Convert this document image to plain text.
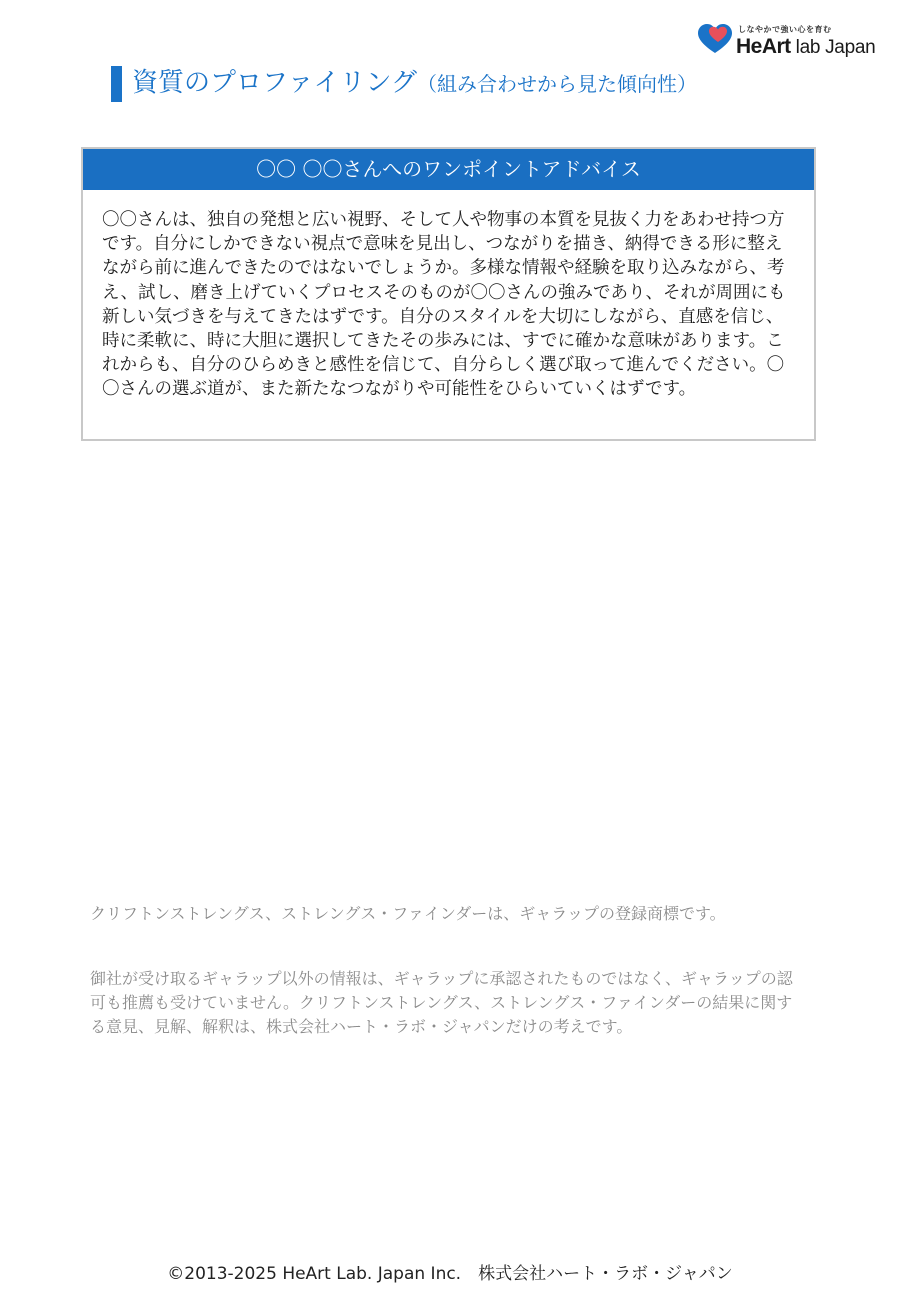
しなやかで強い心を育む
HeArt lab Japan
資質のプロファイリング（組み合わせから見た傾向性）
〇〇 〇〇さんへのワンポイントアドバイス
〇〇さんは、独自の発想と広い視野、そして人や物事の本質を見抜く力をあわせ持つ方です。自分にしかできない視点で意味を見出し、つながりを描き、納得できる形に整えながら前に進んできたのではないでしょうか。多様な情報や経験を取り込みながら、考え、試し、磨き上げていくプロセスそのものが〇〇さんの強みであり、それが周囲にも新しい気づきを与えてきたはずです。自分のスタイルを大切にしながら、直感を信じ、時に柔軟に、時に大胆に選択してきたその歩みには、すでに確かな意味があります。これからも、自分のひらめきと感性を信じて、自分らしく選び取って進んでください。〇〇さんの選ぶ道が、また新たなつながりや可能性をひらいていくはずです。

クリフトンストレングス、ストレングス・ファインダーは、ギャラップの登録商標です。

御社が受け取るギャラップ以外の情報は、ギャラップに承認されたものではなく、ギャラップの認可も推薦も受けていません。クリフトンストレングス、ストレングス・ファインダーの結果に関する意見、見解、解釈は、株式会社ハート・ラボ・ジャパンだけの考えです。

©2013-2025 HeArt Lab. Japan Inc.　株式会社ハート・ラボ・ジャパン
